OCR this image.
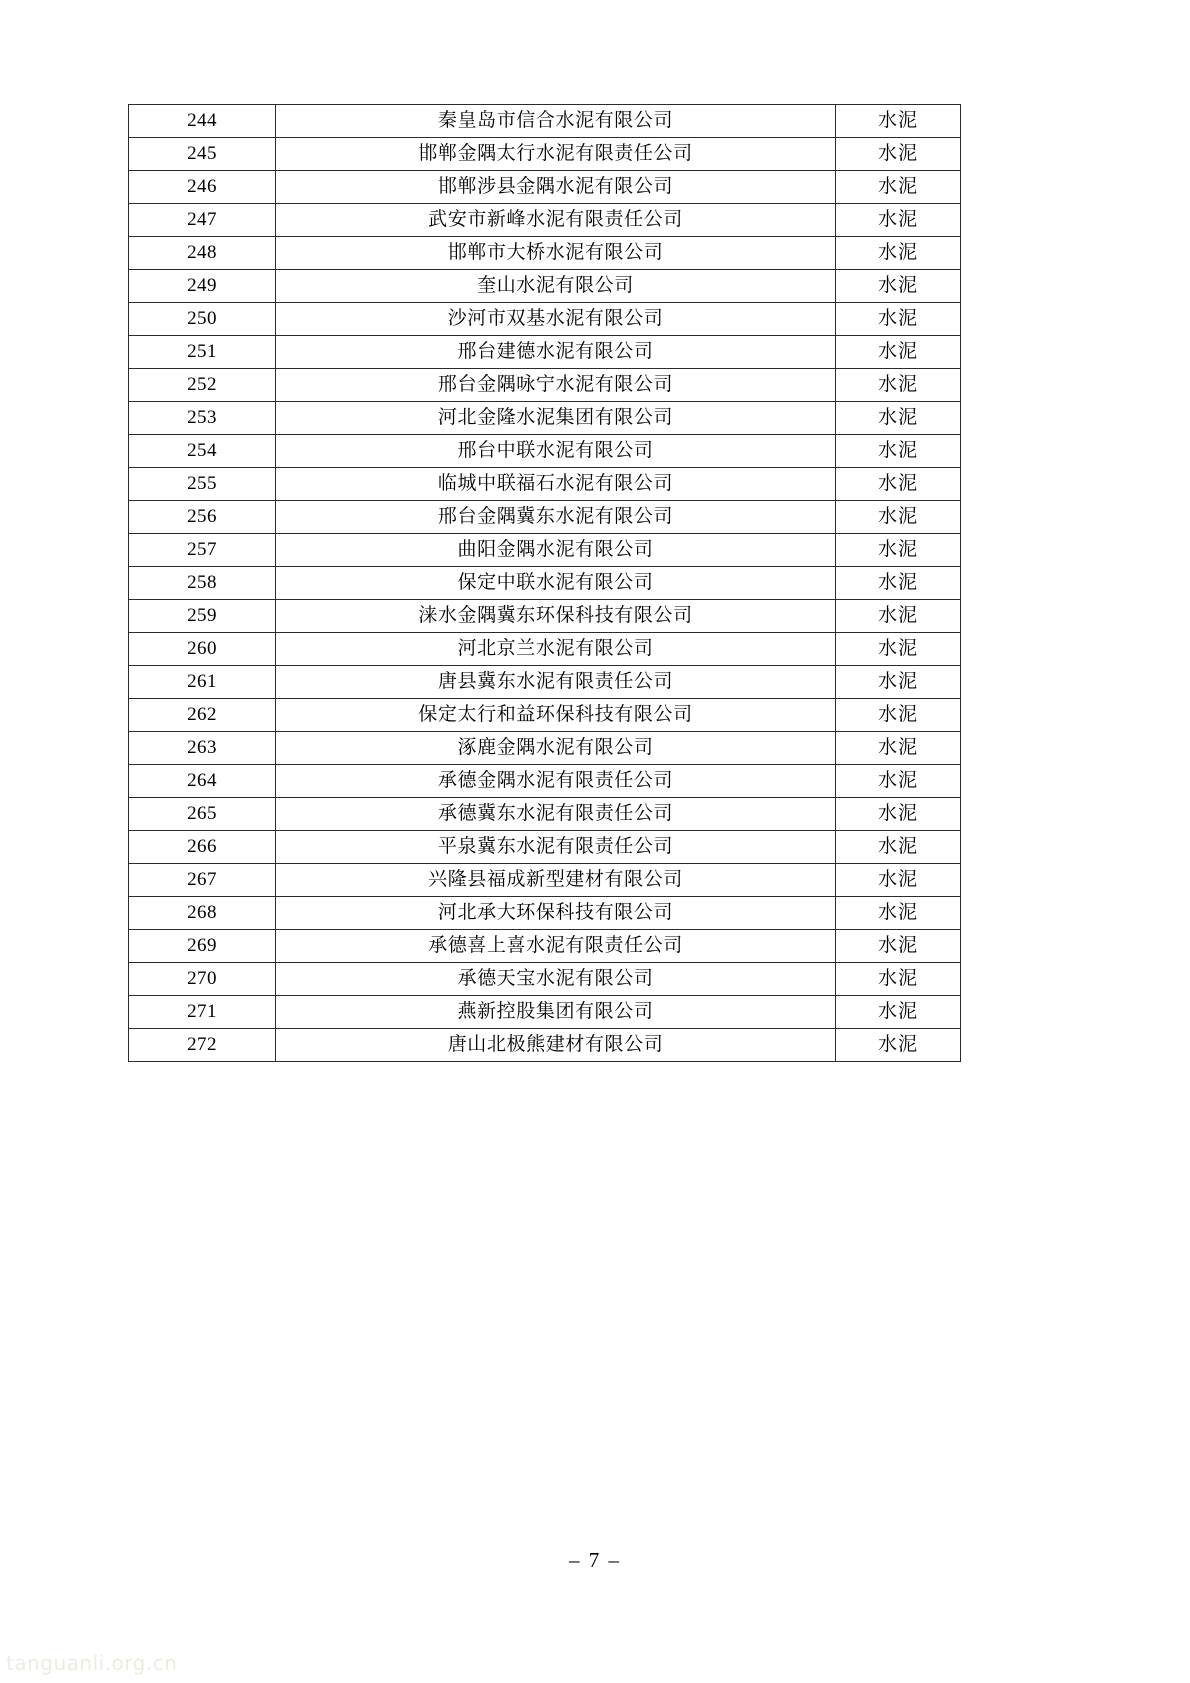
244	秦皇岛市信合水泥有限公司	水泥
245	邯郸金隅太行水泥有限责任公司	水泥
246	邯郸涉县金隅水泥有限公司	水泥
247	武安市新峰水泥有限责任公司	水泥
248	邯郸市大桥水泥有限公司	水泥
249	奎山水泥有限公司	水泥
250	沙河市双基水泥有限公司	水泥
251	邢台建德水泥有限公司	水泥
252	邢台金隅咏宁水泥有限公司	水泥
253	河北金隆水泥集团有限公司	水泥
254	邢台中联水泥有限公司	水泥
255	临城中联福石水泥有限公司	水泥
256	邢台金隅冀东水泥有限公司	水泥
257	曲阳金隅水泥有限公司	水泥
258	保定中联水泥有限公司	水泥
259	涞水金隅冀东环保科技有限公司	水泥
260	河北京兰水泥有限公司	水泥
261	唐县冀东水泥有限责任公司	水泥
262	保定太行和益环保科技有限公司	水泥
263	涿鹿金隅水泥有限公司	水泥
264	承德金隅水泥有限责任公司	水泥
265	承德冀东水泥有限责任公司	水泥
266	平泉冀东水泥有限责任公司	水泥
267	兴隆县福成新型建材有限公司	水泥
268	河北承大环保科技有限公司	水泥
269	承德喜上喜水泥有限责任公司	水泥
270	承德天宝水泥有限公司	水泥
271	燕新控股集团有限公司	水泥
272	唐山北极熊建材有限公司	水泥
– 7 –
tanguanli.org.cn
